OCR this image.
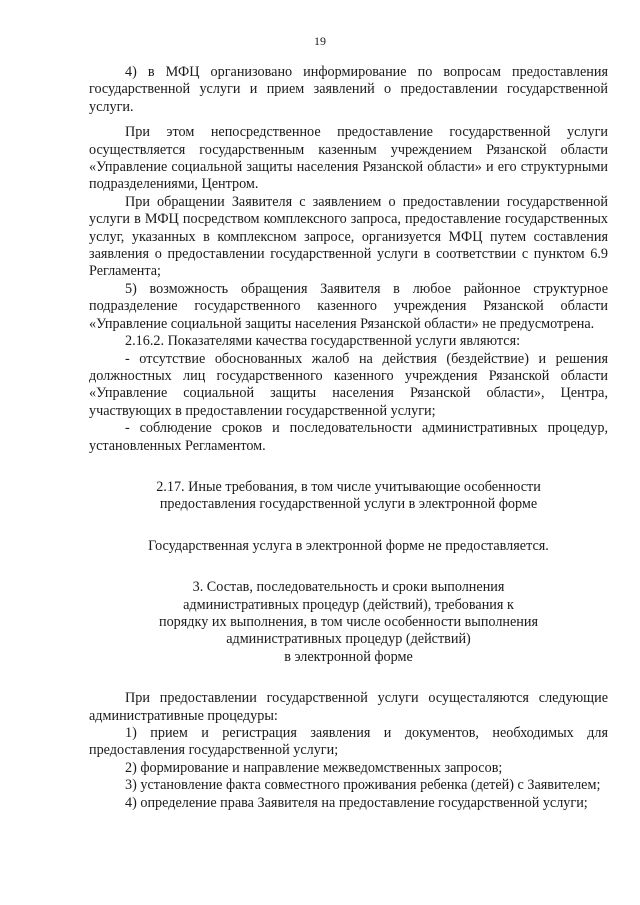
19

4) в МФЦ организовано информирование по вопросам предоставления государственной услуги и прием заявлений о предоставлении государственной услуги.

При этом непосредственное предоставление государственной услуги осуществляется государственным казенным учреждением Рязанской области «Управление социальной защиты населения Рязанской области» и его структурными подразделениями, Центром.

При обращении Заявителя с заявлением о предоставлении государственной услуги в МФЦ посредством комплексного запроса, предоставление государственных услуг, указанных в комплексном запросе, организуется МФЦ путем составления заявления о предоставлении государственной услуги в соответствии с пунктом 6.9 Регламента;

5) возможность обращения Заявителя в любое районное структурное подразделение государственного казенного учреждения Рязанской области «Управление социальной защиты населения Рязанской области» не предусмотрена.

2.16.2. Показателями качества государственной услуги являются:

- отсутствие обоснованных жалоб на действия (бездействие) и решения должностных лиц государственного казенного учреждения Рязанской области «Управление социальной защиты населения Рязанской области», Центра, участвующих в предоставлении государственной услуги;

- соблюдение сроков и последовательности административных процедур, установленных Регламентом.

2.17. Иные требования, в том числе учитывающие особенности
предоставления государственной услуги в электронной форме

Государственная услуга в электронной форме не предоставляется.

3. Состав, последовательность и сроки выполнения
административных процедур (действий), требования к
порядку их выполнения, в том числе особенности выполнения
административных процедур (действий)
в электронной форме

При предоставлении государственной услуги осущесталяются следующие административные процедуры:

1) прием и регистрация заявления и документов, необходимых для предоставления государственной услуги;

2) формирование и направление межведомственных запросов;

3) установление факта совместного проживания ребенка (детей) с Заявителем;

4) определение права Заявителя на предоставление государственной услуги;
